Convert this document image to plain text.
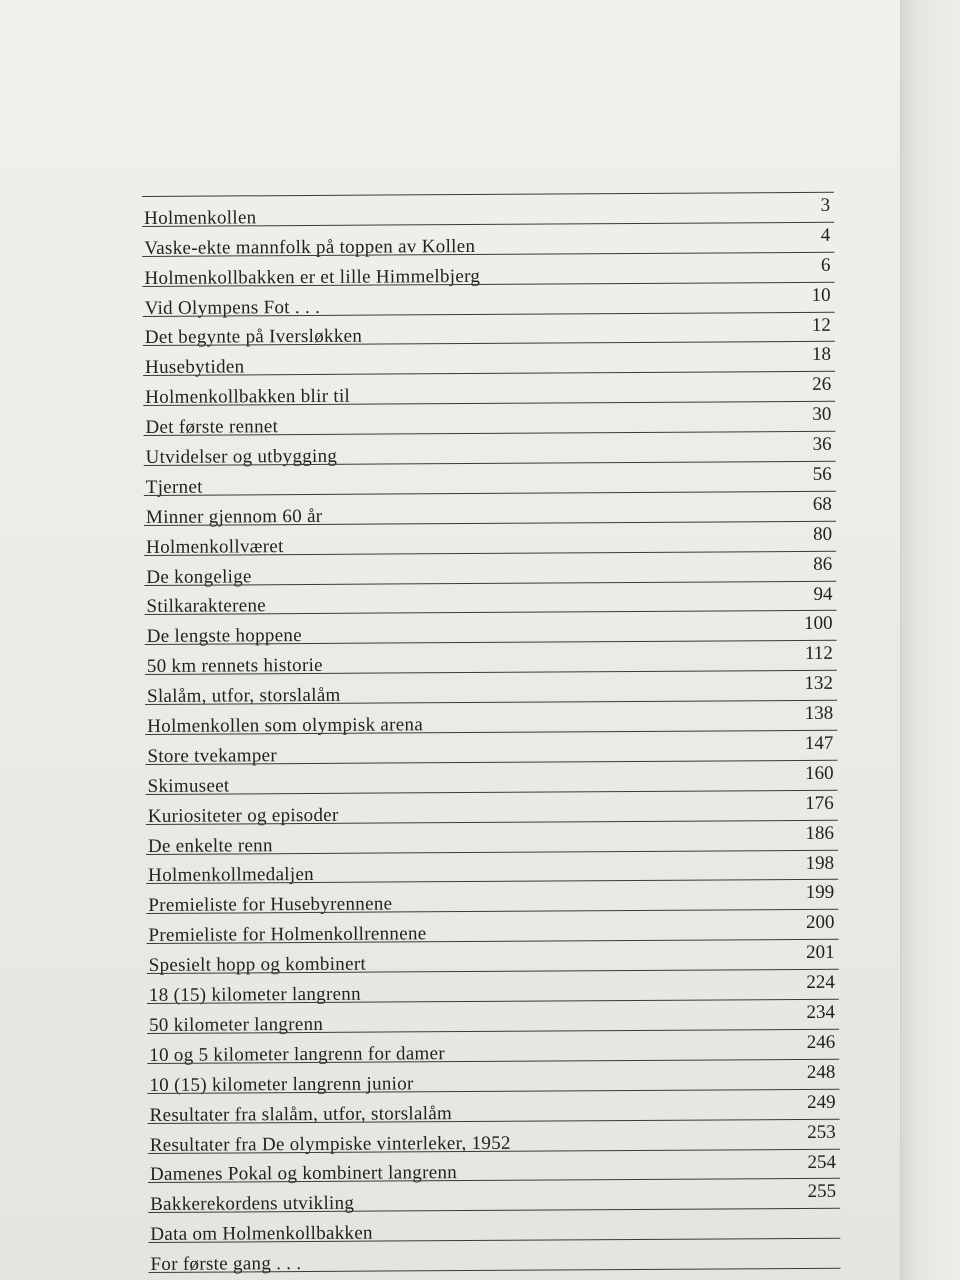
Holmenkollen
3
Vaske-ekte mannfolk på toppen av Kollen
4
Holmenkollbakken er et lille Himmelbjerg
6
Vid Olympens Fot . . .
10
Det begynte på Iversløkken
12
Husebytiden
18
Holmenkollbakken blir til
26
Det første rennet
30
Utvidelser og utbygging
36
Tjernet
56
Minner gjennom 60 år
68
Holmenkollværet
80
De kongelige
86
Stilkarakterene
94
De lengste hoppene
100
50 km rennets historie
112
Slalåm, utfor, storslalåm
132
Holmenkollen som olympisk arena
138
Store tvekamper
147
Skimuseet
160
Kuriositeter og episoder
176
De enkelte renn
186
Holmenkollmedaljen
198
Premieliste for Husebyrennene
199
Premieliste for Holmenkollrennene
200
Spesielt hopp og kombinert
201
18 (15) kilometer langrenn
224
50 kilometer langrenn
234
10 og 5 kilometer langrenn for damer
246
10 (15) kilometer langrenn junior
248
Resultater fra slalåm, utfor, storslalåm
249
Resultater fra De olympiske vinterleker, 1952
253
Damenes Pokal og kombinert langrenn
254
Bakkerekordens utvikling
255
Data om Holmenkollbakken
For første gang . . .
